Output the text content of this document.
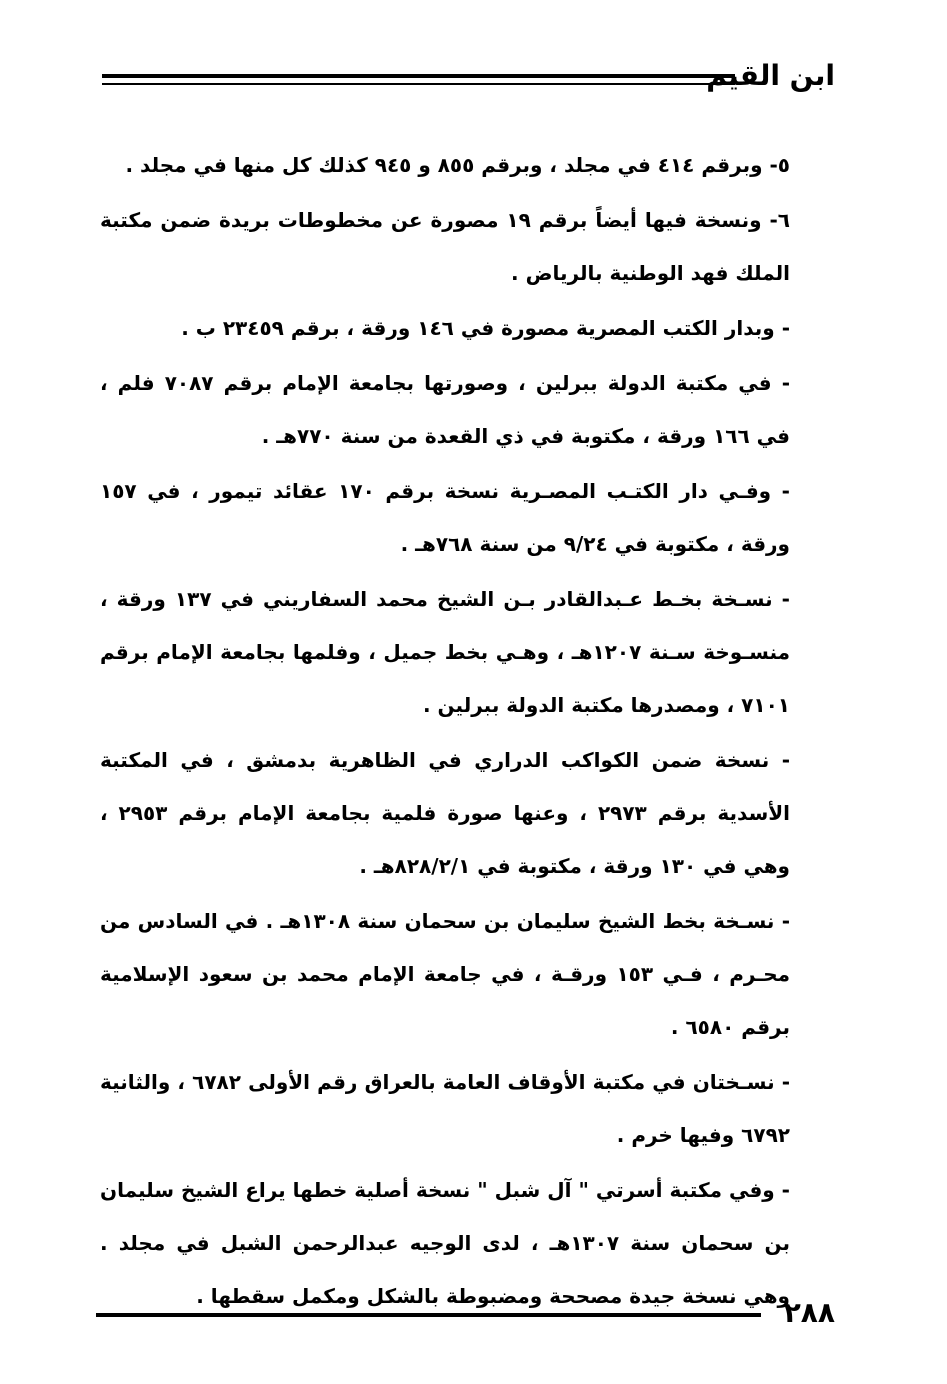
ابن القيم

٥- وبرقم ٤١٤ في مجلد ، وبرقم ٨٥٥ و ٩٤٥ كذلك كل منها في مجلد .

٦- ونسخة فيها أيضاً برقم ١٩ مصورة عن مخطوطات بريدة ضمن مكتبة الملك فهد الوطنية بالرياض .

- وبدار الكتب المصرية مصورة في ١٤٦ ورقة ، برقم ٢٣٤٥٩ ب .

- في مكتبة الدولة ببرلين ، وصورتها بجامعة الإمام برقم ٧٠٨٧ فلم ، في ١٦٦ ورقة ، مكتوبة في ذي القعدة من سنة ٧٧٠هـ .

- وفـي دار الكتـب المصـرية نسخة برقم ١٧٠ عقائد تيمور ، في ١٥٧ ورقة ، مكتوبة في ٩/٢٤ من سنة ٧٦٨هـ .

- نسـخة بخـط عـبدالقادر بـن الشيخ محمد السفاريني في ١٣٧ ورقة ، منسـوخة سـنة ١٢٠٧هـ ، وهـي بخط جميل ، وفلمها بجامعة الإمام برقم ٧١٠١ ، ومصدرها مكتبة الدولة ببرلين .

- نسخة ضمن الكواكب الدراري في الظاهرية بدمشق ، في المكتبة الأسدية برقم ٢٩٧٣ ، وعنها صورة فلمية بجامعة الإمام برقم ٢٩٥٣ ، وهي في ١٣٠ ورقة ، مكتوبة في ٨٢٨/٢/١هـ .

- نسـخة بخط الشيخ سليمان بن سحمان سنة ١٣٠٨هـ . في السادس من محـرم ، فـي ١٥٣ ورقـة ، في جامعة الإمام محمد بن سعود الإسلامية برقم ٦٥٨٠ .

- نسـختان في مكتبة الأوقاف العامة بالعراق رقم الأولى ٦٧٨٢ ، والثانية ٦٧٩٢ وفيها خرم .

- وفي مكتبة أسرتي " آل شبل " نسخة أصلية خطها يراع الشيخ سليمان بن سحمان سنة ١٣٠٧هـ ، لدى الوجيه عبدالرحمن الشبل في مجلد . وهي نسخة جيدة مصححة ومضبوطة بالشكل ومكمل سقطها .

٢٨٨
